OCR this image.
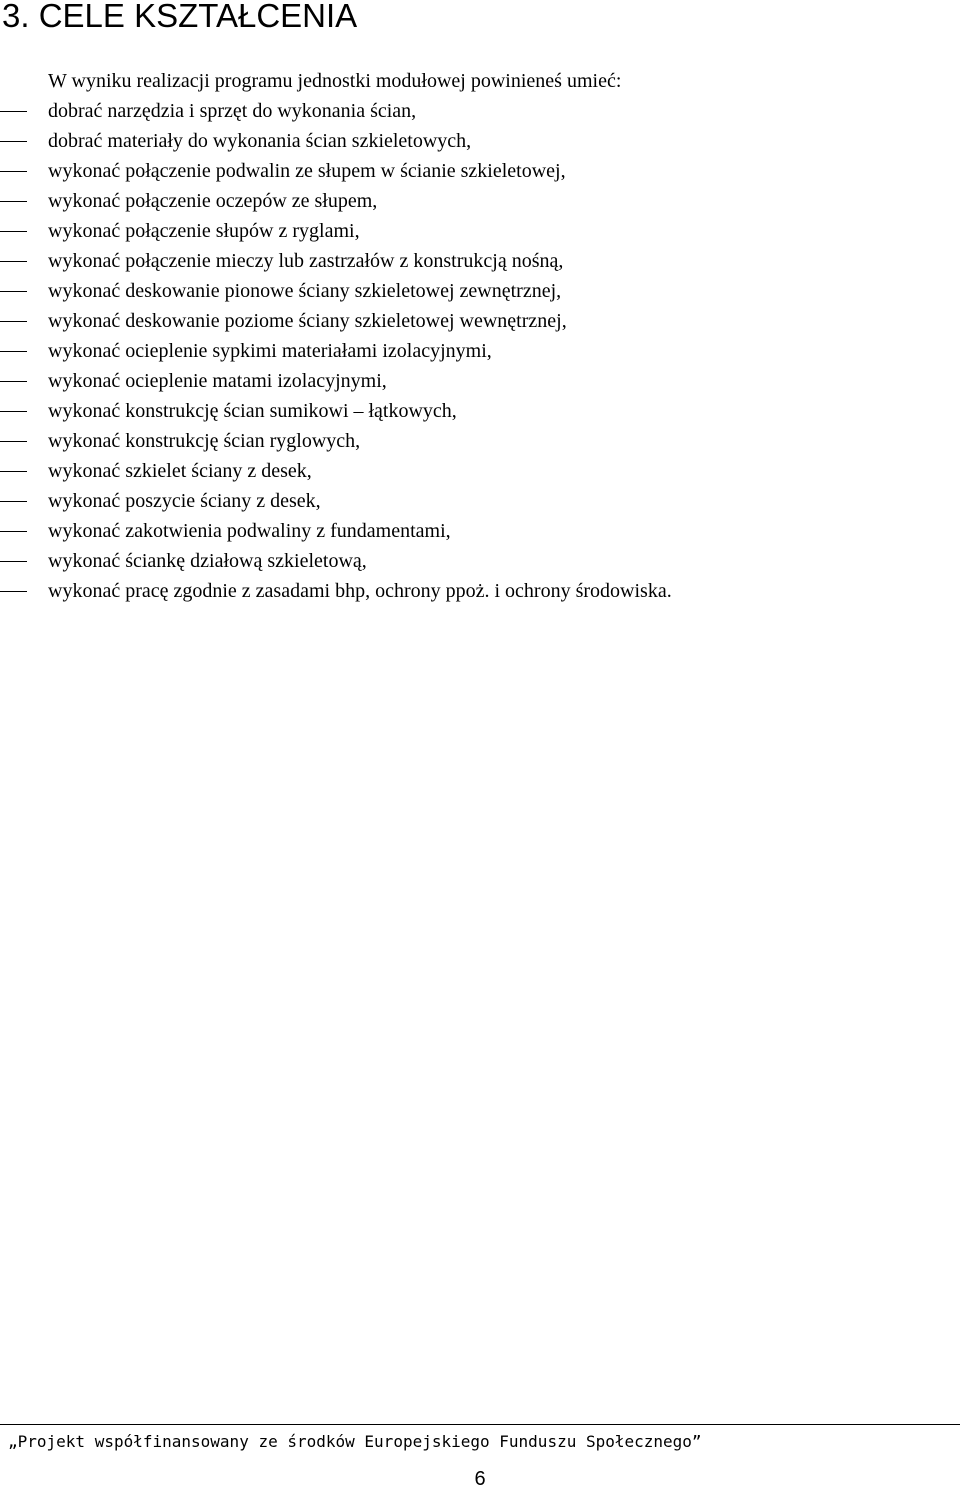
3. CELE KSZTAŁCENIA

W wyniku realizacji programu jednostki modułowej powinieneś umieć:

dobrać narzędzia i sprzęt do wykonania ścian,
dobrać materiały do wykonania ścian szkieletowych,
wykonać połączenie podwalin ze słupem w ścianie szkieletowej,
wykonać połączenie oczepów ze słupem,
wykonać połączenie słupów z ryglami,
wykonać połączenie mieczy lub zastrzałów z konstrukcją nośną,
wykonać deskowanie pionowe ściany szkieletowej zewnętrznej,
wykonać deskowanie poziome ściany szkieletowej wewnętrznej,
wykonać ocieplenie sypkimi materiałami izolacyjnymi,
wykonać ocieplenie matami izolacyjnymi,
wykonać konstrukcję ścian sumikowi – łątkowych,
wykonać konstrukcję ścian ryglowych,
wykonać szkielet ściany z desek,
wykonać poszycie ściany z desek,
wykonać zakotwienia podwaliny z fundamentami,
wykonać ściankę działową szkieletową,
wykonać pracę zgodnie z zasadami bhp, ochrony ppoż. i ochrony środowiska.
„Projekt współfinansowany ze środków Europejskiego Funduszu Społecznego”
6
